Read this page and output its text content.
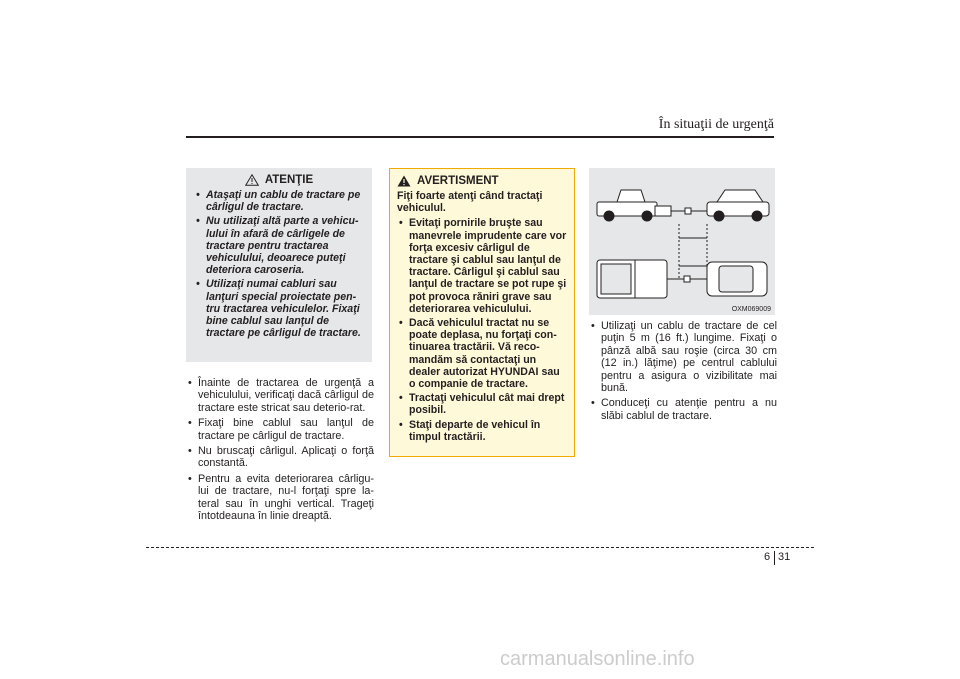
În situaţii de urgenţă
ATENŢIE
• Ataşaţi un cablu de tractare pe cârligul de tractare.
• Nu utilizaţi altă parte a vehicu-lului în afară de cârligele de tractare pentru tractarea vehiculului, deoarece puteţi deteriora caroseria.
• Utilizaţi numai cabluri sau lanţuri special proiectate pen-tru tractarea vehiculelor. Fixaţi bine cablul sau lanţul de tractare pe cârligul de tractare.
• Înainte de tractarea de urgenţă a vehiculului, verificaţi dacă cârligul de tractare este stricat sau deterio-rat.
• Fixaţi bine cablul sau lanţul de tractare pe cârligul de tractare.
• Nu bruscaţi cârligul. Aplicaţi o forţă constantă.
• Pentru a evita deteriorarea cârligu-lui de tractare, nu-l forţaţi spre la-teral sau în unghi vertical. Trageţi întotdeauna în linie dreaptă.
AVERTISMENT
Fiţi foarte atenţi când tractaţi vehiculul.
• Evitaţi pornirile bruşte sau manevrele imprudente care vor forţa excesiv cârligul de tractare şi cablul sau lanţul de tractare. Cârligul şi cablul sau lanţul de tractare se pot rupe şi pot provoca răniri grave sau deteriorarea vehiculului.
• Dacă vehiculul tractat nu se poate deplasa, nu forţaţi con-tinuarea tractării. Vă reco-mandăm să contactaţi un dealer autorizat HYUNDAI sau o companie de tractare.
• Tractaţi vehiculul cât mai drept posibil.
• Staţi departe de vehicul în timpul tractării.
OXM069009
• Utilizaţi un cablu de tractare de cel puţin 5 m (16 ft.) lungime. Fixaţi o pânză albă sau roşie (circa 30 cm (12 in.) lăţime) pe centrul cablului pentru a asigura o vizibilitate mai bună.
• Conduceţi cu atenţie pentru a nu slăbi cablul de tractare.
6 31
carmanualsonline.info
